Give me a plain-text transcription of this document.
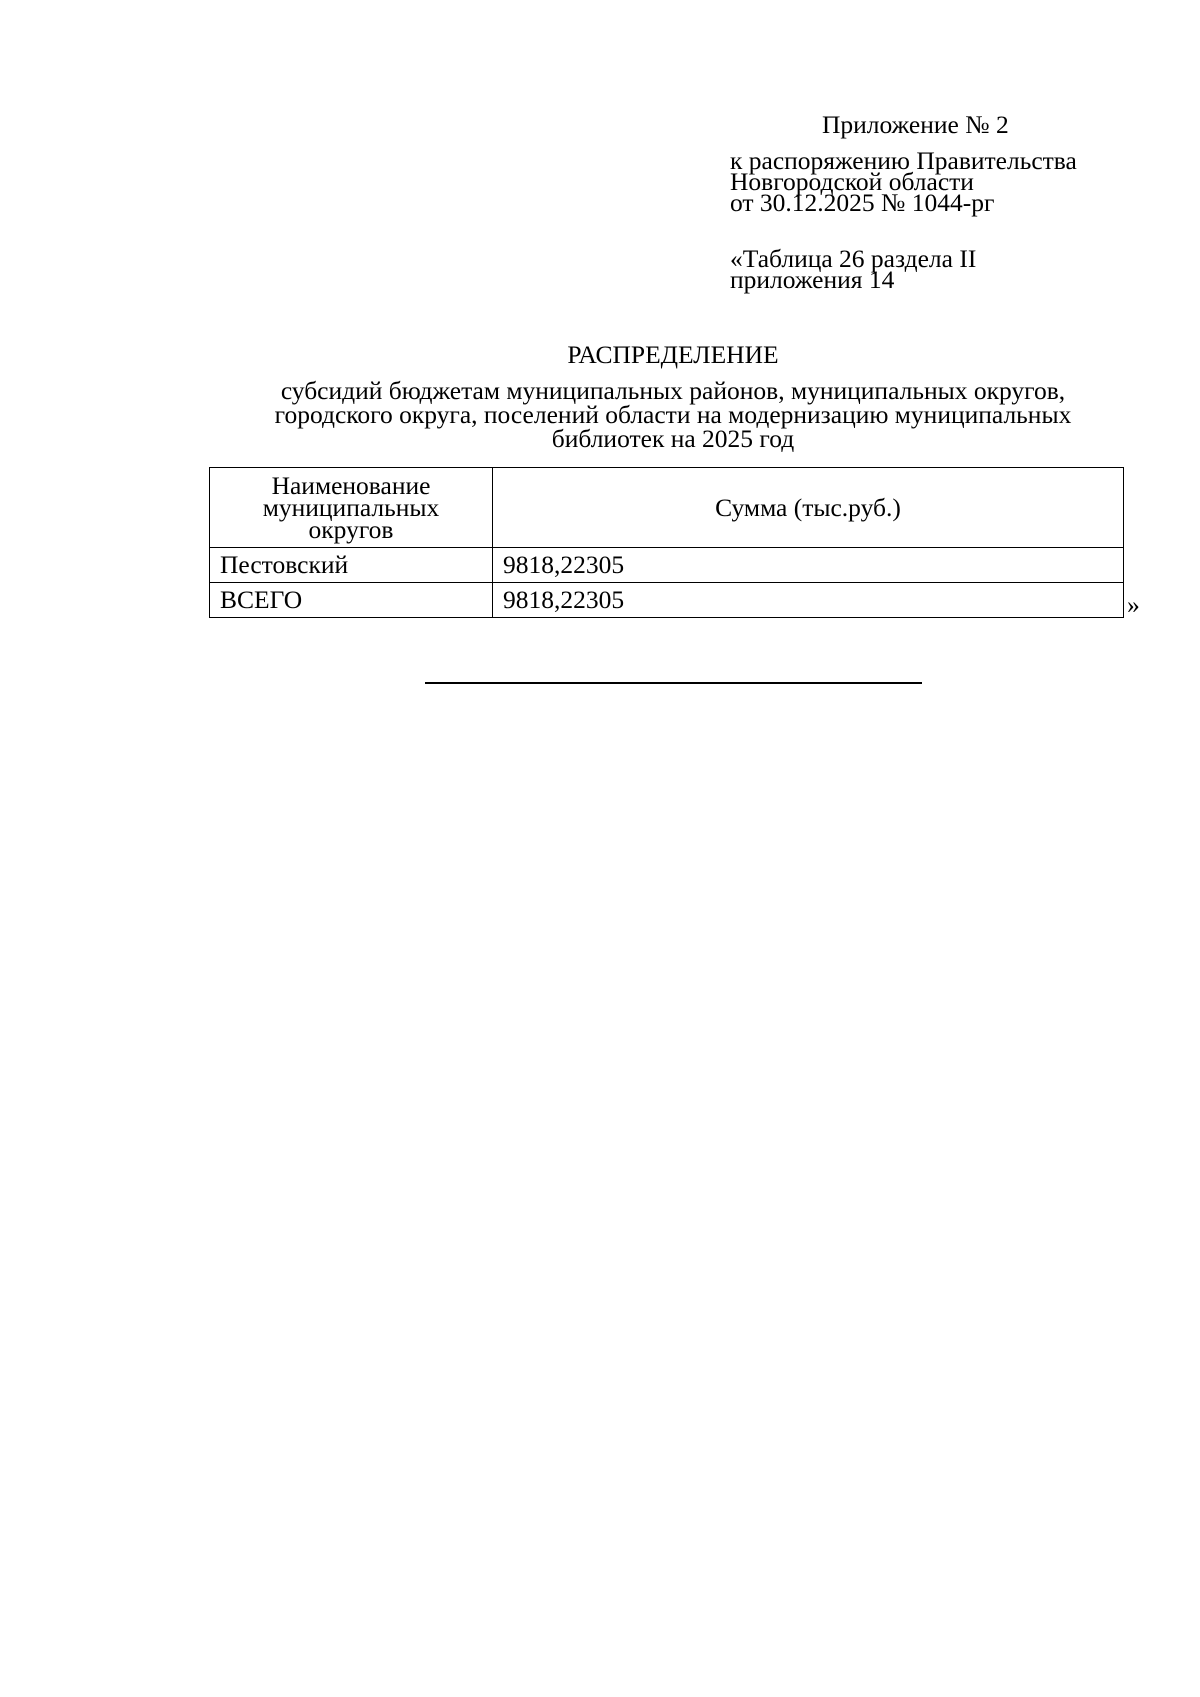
Приложение № 2
к распоряжению Правительства
Новгородской области
от 30.12.2025 № 1044-рг
«Таблица 26 раздела II
приложения 14
РАСПРЕДЕЛЕНИЕ
субсидий бюджетам муниципальных районов, муниципальных округов,
городского округа, поселений области на модернизацию муниципальных
библиотек на 2025 год
Наименование
муниципальных
округов	Сумма (тыс.руб.)
Пестовский	9818,22305
ВСЕГО	9818,22305	»
